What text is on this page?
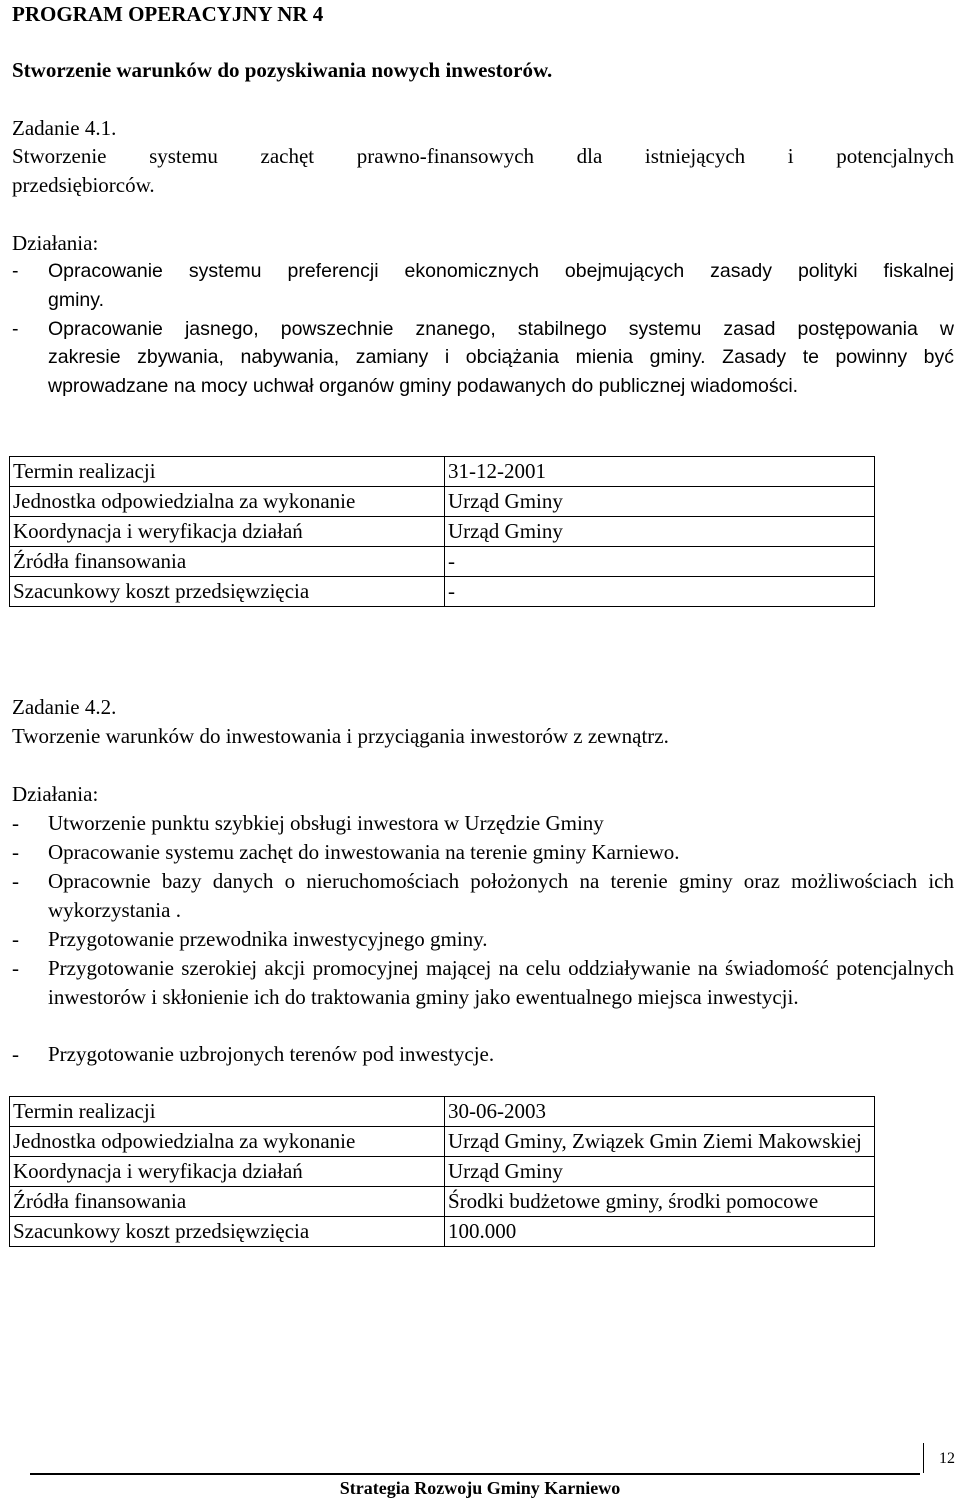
PROGRAM OPERACYJNY NR 4
Stworzenie warunków do pozyskiwania nowych inwestorów.
Zadanie 4.1.
Stworzenie systemu zachęt prawno-finansowych dla istniejących i potencjalnych
przedsiębiorców.
Działania:
- Opracowanie systemu preferencji ekonomicznych obejmujących zasady polityki fiskalnej
gminy.
- Opracowanie jasnego, powszechnie znanego, stabilnego systemu zasad postępowania w
zakresie zbywania, nabywania, zamiany i obciążania mienia gminy. Zasady te powinny być wprowadzane na mocy uchwał organów gminy podawanych do publicznej wiadomości.
Termin realizacji	31-12-2001
Jednostka odpowiedzialna za wykonanie	Urząd Gminy
Koordynacja i weryfikacja działań	Urząd Gminy
Źródła finansowania	-
Szacunkowy koszt przedsięwzięcia	-
Zadanie 4.2.
Tworzenie warunków do inwestowania i przyciągania inwestorów z zewnątrz.
Działania:
- Utworzenie punktu szybkiej obsługi inwestora w Urzędzie Gminy
- Opracowanie systemu zachęt do inwestowania na terenie gminy Karniewo.
- Opracownie bazy danych o nieruchomościach położonych na terenie gminy oraz możliwościach ich wykorzystania .
- Przygotowanie przewodnika inwestycyjnego gminy.
- Przygotowanie szerokiej akcji promocyjnej mającej na celu oddziaływanie na świadomość potencjalnych inwestorów i skłonienie ich do traktowania gminy jako ewentualnego miejsca inwestycji.
- Przygotowanie uzbrojonych terenów pod inwestycje.
Termin realizacji	30-06-2003
Jednostka odpowiedzialna za wykonanie	Urząd Gminy, Związek Gmin Ziemi Makowskiej
Koordynacja i weryfikacja działań	Urząd Gminy
Źródła finansowania	Środki budżetowe gminy, środki pomocowe
Szacunkowy koszt przedsięwzięcia	100.000
12
Strategia Rozwoju Gminy Karniewo
